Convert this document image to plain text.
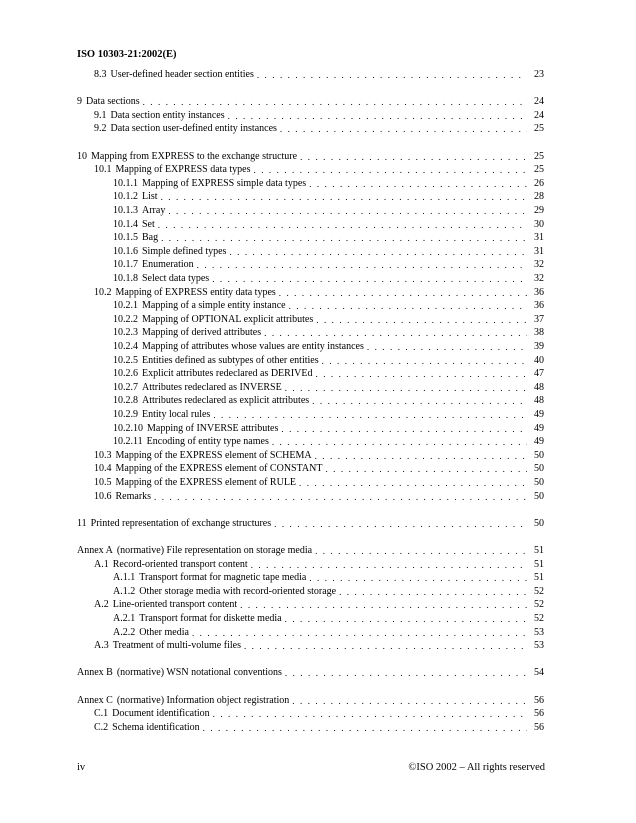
ISO 10303-21:2002(E)
8.3 User-defined header section entities . . .	23
9 Data sections . . .	24
9.1 Data section entity instances . . .	24
9.2 Data section user-defined entity instances . . .	25
10 Mapping from EXPRESS to the exchange structure . . .	25
10.1 Mapping of EXPRESS data types . . .	25
10.1.1 Mapping of EXPRESS simple data types . . .	26
10.1.2 List . . .	28
10.1.3 Array . . .	29
10.1.4 Set . . .	30
10.1.5 Bag . . .	31
10.1.6 Simple defined types . . .	31
10.1.7 Enumeration . . .	32
10.1.8 Select data types . . .	32
10.2 Mapping of EXPRESS entity data types . . .	36
10.2.1 Mapping of a simple entity instance . . .	36
10.2.2 Mapping of OPTIONAL explicit attributes . . .	37
10.2.3 Mapping of derived attributes . . .	38
10.2.4 Mapping of attributes whose values are entity instances . . .	39
10.2.5 Entities defined as subtypes of other entities . . .	40
10.2.6 Explicit attributes redeclared as DERIVEd . . .	47
10.2.7 Attributes redeclared as INVERSE . . .	48
10.2.8 Attributes redeclared as explicit attributes . . .	48
10.2.9 Entity local rules . . .	49
10.2.10 Mapping of INVERSE attributes . . .	49
10.2.11 Encoding of entity type names . . .	49
10.3 Mapping of the EXPRESS element of SCHEMA . . .	50
10.4 Mapping of the EXPRESS element of CONSTANT . . .	50
10.5 Mapping of the EXPRESS element of RULE . . .	50
10.6 Remarks . . .	50
11 Printed representation of exchange structures . . .	50
Annex A (normative) File representation on storage media . . .	51
A.1 Record-oriented transport content . . .	51
A.1.1 Transport format for magnetic tape media . . .	51
A.1.2 Other storage media with record-oriented storage . . .	52
A.2 Line-oriented transport content . . .	52
A.2.1 Transport format for diskette media . . .	52
A.2.2 Other media . . .	53
A.3 Treatment of multi-volume files . . .	53
Annex B (normative) WSN notational conventions . . .	54
Annex C (normative) Information object registration . . .	56
C.1 Document identification . . .	56
C.2 Schema identification . . .	56
iv	©ISO 2002 – All rights reserved
